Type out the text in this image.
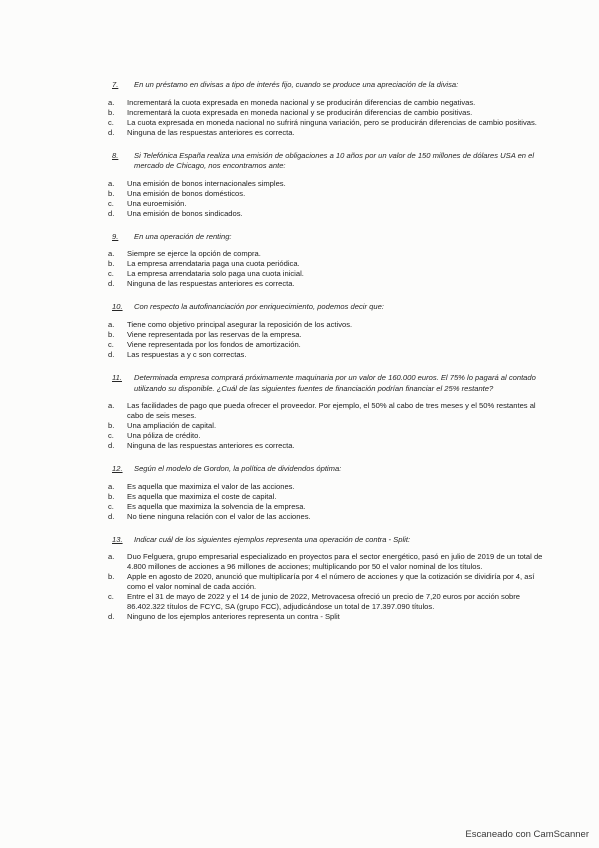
7.	En un préstamo en divisas a tipo de interés fijo, cuando se produce una apreciación de la divisa:
a.	Incrementará la cuota expresada en moneda nacional y se producirán diferencias de cambio negativas.
b.	Incrementará la cuota expresada en moneda nacional y se producirán diferencias de cambio positivas.
c.	La cuota expresada en moneda nacional no sufrirá ninguna variación, pero se producirán diferencias de cambio positivas.
d.	Ninguna de las respuestas anteriores es correcta.
8.	Si Telefónica España realiza una emisión de obligaciones a 10 años por un valor de 150 millones de dólares USA en el mercado de Chicago, nos encontramos ante:
a.	Una emisión de bonos internacionales simples.
b.	Una emisión de bonos domésticos.
c.	Una euroemisión.
d.	Una emisión de bonos sindicados.
9.	En una operación de renting:
a.	Siempre se ejerce la opción de compra.
b.	La empresa arrendataria paga una cuota periódica.
c.	La empresa arrendataria solo paga una cuota inicial.
d.	Ninguna de las respuestas anteriores es correcta.
10.	Con respecto la autofinanciación por enriquecimiento, podemos decir que:
a.	Tiene como objetivo principal asegurar la reposición de los activos.
b.	Viene representada por las reservas de la empresa.
c.	Viene representada por los fondos de amortización.
d.	Las respuestas a y c son correctas.
11.	Determinada empresa comprará próximamente maquinaria por un valor de 160.000 euros. El 75% lo pagará al contado utilizando su disponible. ¿Cuál de las siguientes fuentes de financiación podrían financiar el 25% restante?
a.	Las facilidades de pago que pueda ofrecer el proveedor. Por ejemplo, el 50% al cabo de tres meses y el 50% restantes al cabo de seis meses.
b.	Una ampliación de capital.
c.	Una póliza de crédito.
d.	Ninguna de las respuestas anteriores es correcta.
12.	Según el modelo de Gordon, la política de dividendos óptima:
a.	Es aquella que maximiza el valor de las acciones.
b.	Es aquella que maximiza el coste de capital.
c.	Es aquella que maximiza la solvencia de la empresa.
d.	No tiene ninguna relación con el valor de las acciones.
13.	Indicar cuál de los siguientes ejemplos representa una operación de contra - Split:
a.	Duo Felguera, grupo empresarial especializado en proyectos para el sector energético, pasó en julio de 2019 de un total de 4.800 millones de acciones a 96 millones de acciones; multiplicando por 50 el valor nominal de los títulos.
b.	Apple en agosto de 2020, anunció que multiplicaría por 4 el número de acciones y que la cotización se dividiría por 4, así como el valor nominal de cada acción.
c.	Entre el 31 de mayo de 2022 y el 14 de junio de 2022, Metrovacesa ofreció un precio de 7,20 euros por acción sobre 86.402.322 títulos de FCYC, SA (grupo FCC), adjudicándose un total de 17.397.090 títulos.
d.	Ninguno de los ejemplos anteriores representa un contra - Split
Escaneado con CamScanner
